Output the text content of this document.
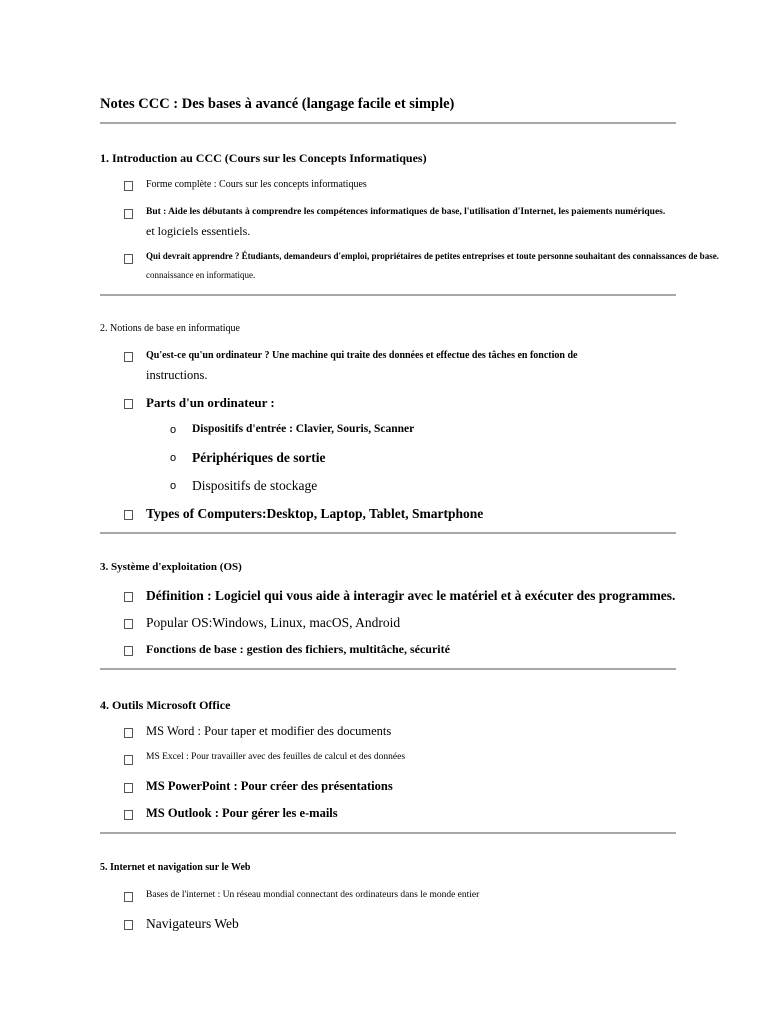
Notes CCC : Des bases à avancé (langage facile et simple)
1. Introduction au CCC (Cours sur les Concepts Informatiques)
Forme complète : Cours sur les concepts informatiques
But : Aide les débutants à comprendre les compétences informatiques de base, l'utilisation d'Internet, les paiements numériques.
et logiciels essentiels.
Qui devrait apprendre ? Étudiants, demandeurs d'emploi, propriétaires de petites entreprises et toute personne souhaitant des connaissances de base.
connaissance en informatique.
2. Notions de base en informatique
Qu'est-ce qu'un ordinateur ? Une machine qui traite des données et effectue des tâches en fonction de
instructions.
Parts d'un ordinateur :
o Dispositifs d'entrée : Clavier, Souris, Scanner
o Périphériques de sortie
o Dispositifs de stockage
Types of Computers:Desktop, Laptop, Tablet, Smartphone
3. Système d'exploitation (OS)
Définition : Logiciel qui vous aide à interagir avec le matériel et à exécuter des programmes.
Popular OS:Windows, Linux, macOS, Android
Fonctions de base : gestion des fichiers, multitâche, sécurité
4. Outils Microsoft Office
MS Word : Pour taper et modifier des documents
MS Excel : Pour travailler avec des feuilles de calcul et des données
MS PowerPoint : Pour créer des présentations
MS Outlook : Pour gérer les e-mails
5. Internet et navigation sur le Web
Bases de l'internet : Un réseau mondial connectant des ordinateurs dans le monde entier
Navigateurs Web
